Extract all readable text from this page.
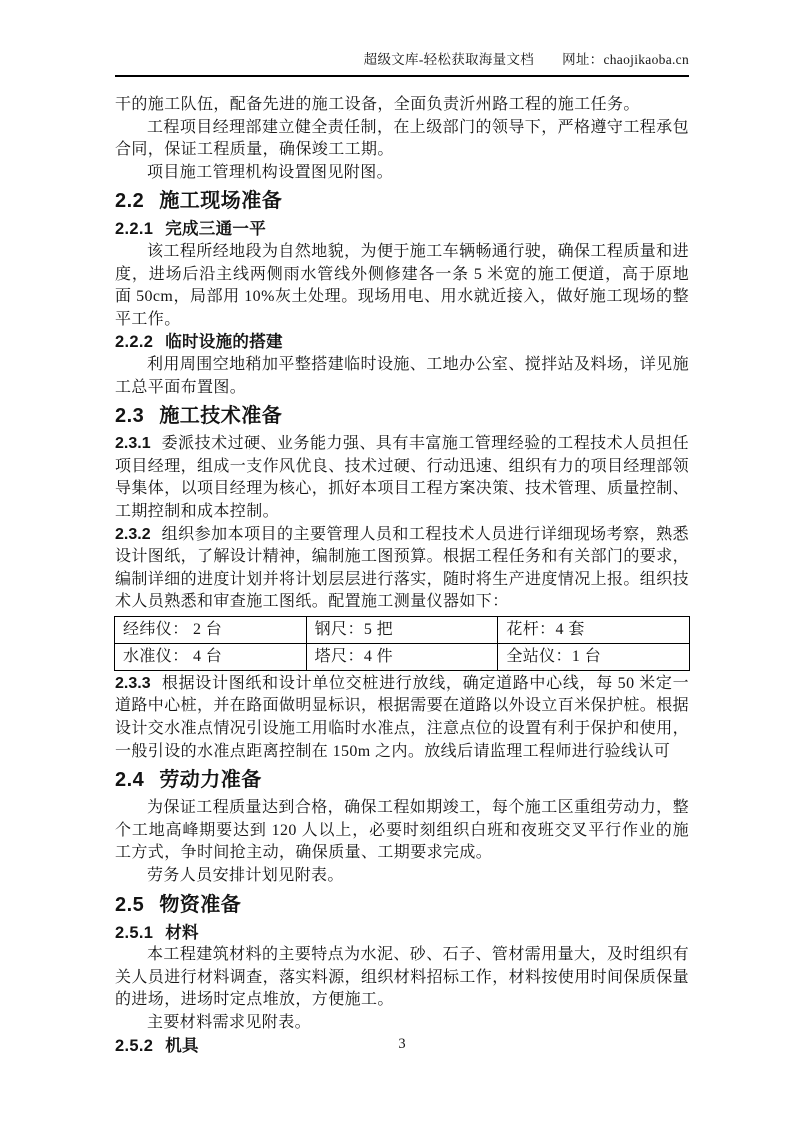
超级文库-轻松获取海量文档 网址：chaojikaoba.cn

干的施工队伍，配备先进的施工设备，全面负责沂州路工程的施工任务。

工程项目经理部建立健全责任制，在上级部门的领导下，严格遵守工程承包合同，保证工程质量，确保竣工工期。

项目施工管理机构设置图见附图。

2.2 施工现场准备
2.2.1 完成三通一平

该工程所经地段为自然地貌，为便于施工车辆畅通行驶，确保工程质量和进度，进场后沿主线两侧雨水管线外侧修建各一条 5 米宽的施工便道，高于原地面 50cm，局部用 10%灰土处理。现场用电、用水就近接入，做好施工现场的整平工作。

2.2.2 临时设施的搭建

利用周围空地稍加平整搭建临时设施、工地办公室、搅拌站及料场，详见施工总平面布置图。

2.3 施工技术准备

2.3.1 委派技术过硬、业务能力强、具有丰富施工管理经验的工程技术人员担任项目经理，组成一支作风优良、技术过硬、行动迅速、组织有力的项目经理部领导集体，以项目经理为核心，抓好本项目工程方案决策、技术管理、质量控制、工期控制和成本控制。

2.3.2 组织参加本项目的主要管理人员和工程技术人员进行详细现场考察，熟悉设计图纸，了解设计精神，编制施工图预算。根据工程任务和有关部门的要求，编制详细的进度计划并将计划层层进行落实，随时将生产进度情况上报。组织技术人员熟悉和审查施工图纸。配置施工测量仪器如下：

经纬仪： 2 台	钢尺：5 把	花杆：4 套
水准仪： 4 台	塔尺：4 件	全站仪：1 台

2.3.3 根据设计图纸和设计单位交桩进行放线，确定道路中心线，每 50 米定一道路中心桩，并在路面做明显标识，根据需要在道路以外设立百米保护桩。根据设计交水准点情况引设施工用临时水准点，注意点位的设置有利于保护和使用，一般引设的水准点距离控制在 150m 之内。放线后请监理工程师进行验线认可

2.4 劳动力准备

为保证工程质量达到合格，确保工程如期竣工，每个施工区重组劳动力，整个工地高峰期要达到 120 人以上，必要时刻组织白班和夜班交叉平行作业的施工方式，争时间抢主动，确保质量、工期要求完成。

劳务人员安排计划见附表。

2.5 物资准备
2.5.1 材料

本工程建筑材料的主要特点为水泥、砂、石子、管材需用量大，及时组织有关人员进行材料调查，落实料源，组织材料招标工作，材料按使用时间保质保量的进场，进场时定点堆放，方便施工。

主要材料需求见附表。

2.5.2 机具	3
